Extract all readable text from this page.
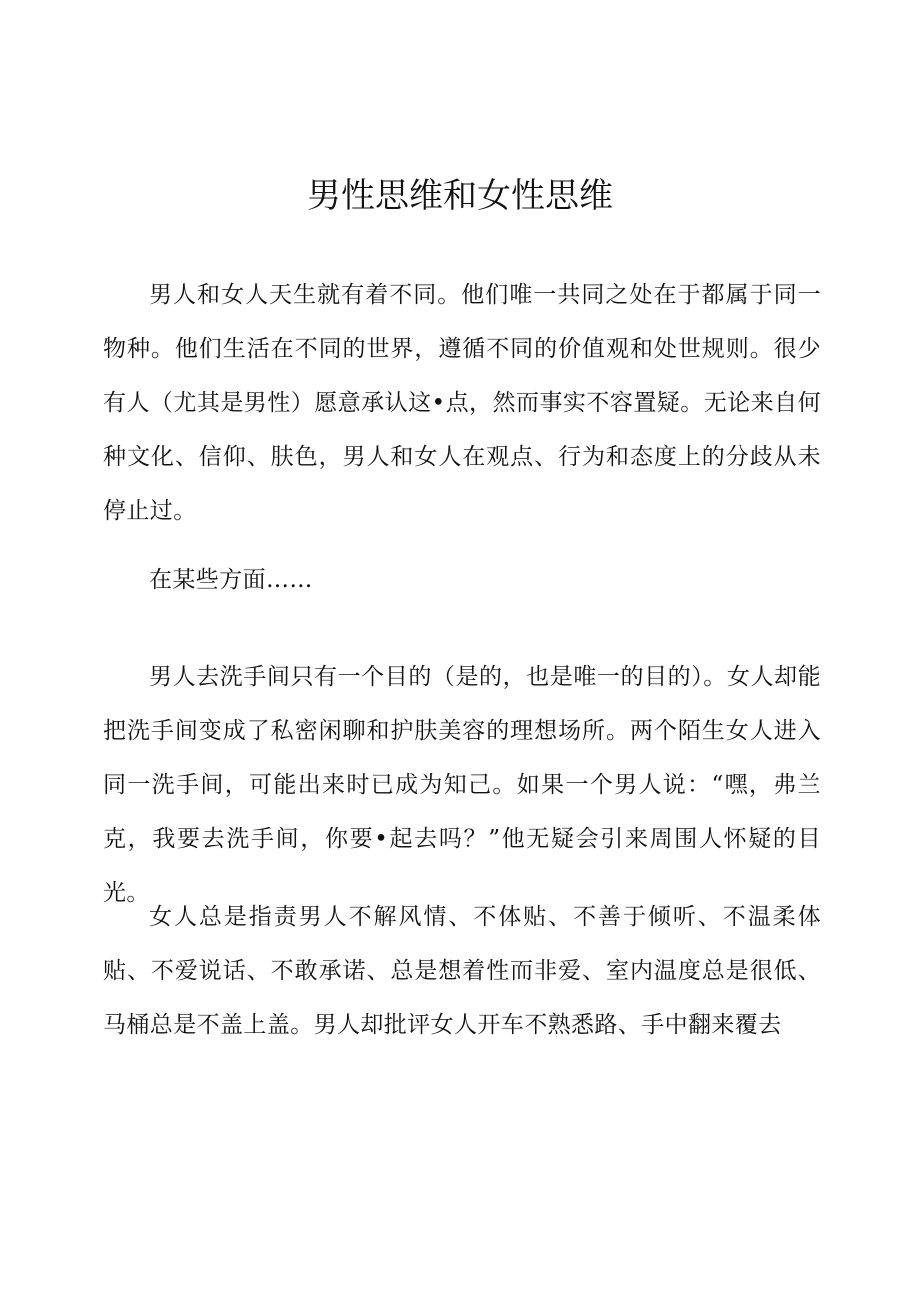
男性思维和女性思维

男人和女人天生就有着不同。他们唯一共同之处在于都属于同一物种。他们生活在不同的世界，遵循不同的价值观和处世规则。很少有人（尤其是男性）愿意承认这•点，然而事实不容置疑。无论来自何种文化、信仰、肤色，男人和女人在观点、行为和态度上的分歧从未停止过。

在某些方面……

男人去洗手间只有一个目的（是的，也是唯一的目的）。女人却能把洗手间变成了私密闲聊和护肤美容的理想场所。两个陌生女人进入同一洗手间，可能出来时已成为知己。如果一个男人说：“嘿，弗兰克，我要去洗手间，你要•起去吗？”他无疑会引来周围人怀疑的目光。

女人总是指责男人不解风情、不体贴、不善于倾听、不温柔体贴、不爱说话、不敢承诺、总是想着性而非爱、室内温度总是很低、马桶总是不盖上盖。男人却批评女人开车不熟悉路、手中翻来覆去
